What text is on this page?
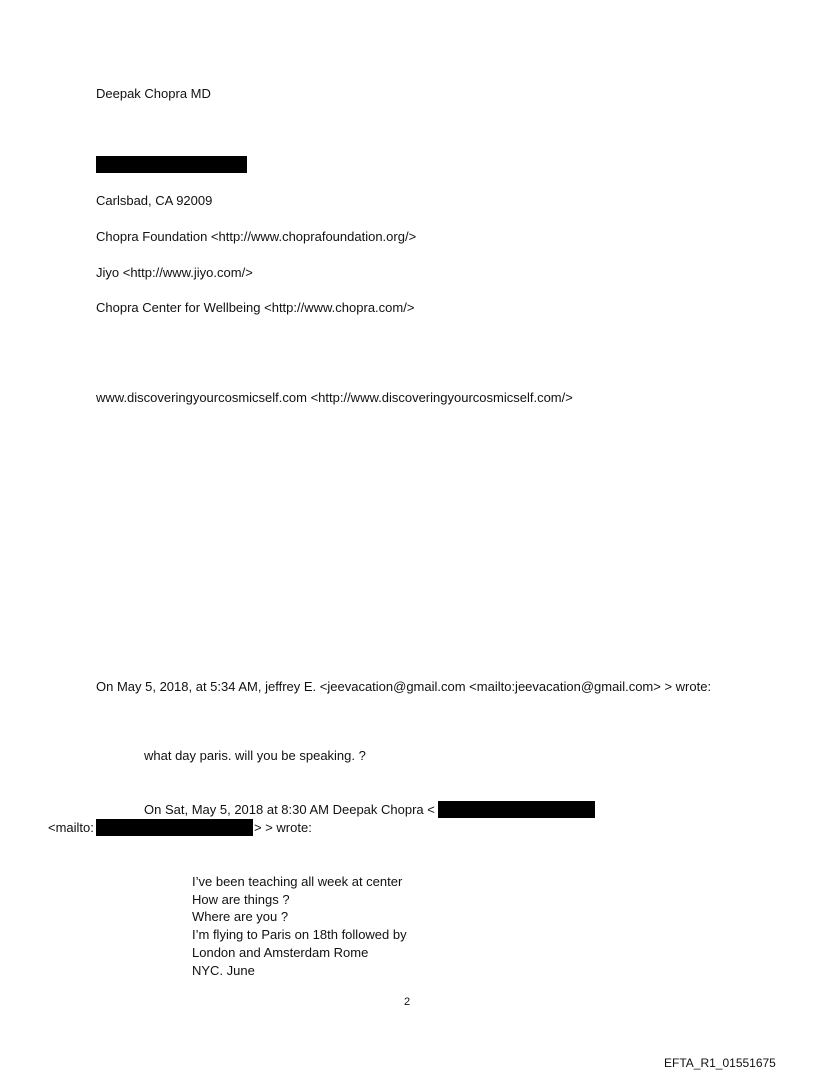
Deepak Chopra MD
Carlsbad, CA 92009
Chopra Foundation <http://www.choprafoundation.org/>
Jiyo <http://www.jiyo.com/>
Chopra Center for Wellbeing <http://www.chopra.com/>
www.discoveringyourcosmicself.com <http://www.discoveringyourcosmicself.com/>
On May 5, 2018, at 5:34 AM, jeffrey E. <jeevacation@gmail.com <mailto:jeevacation@gmail.com> > wrote:
what day paris. will you be speaking. ?
On Sat, May 5, 2018 at 8:30 AM Deepak Chopra <
<mailto:	> > wrote:
I’ve been teaching all week at center
How are things ?
Where are you ?
I’m flying to Paris on 18th followed by
London and Amsterdam Rome
NYC. June
2
EFTA_R1_01551675
